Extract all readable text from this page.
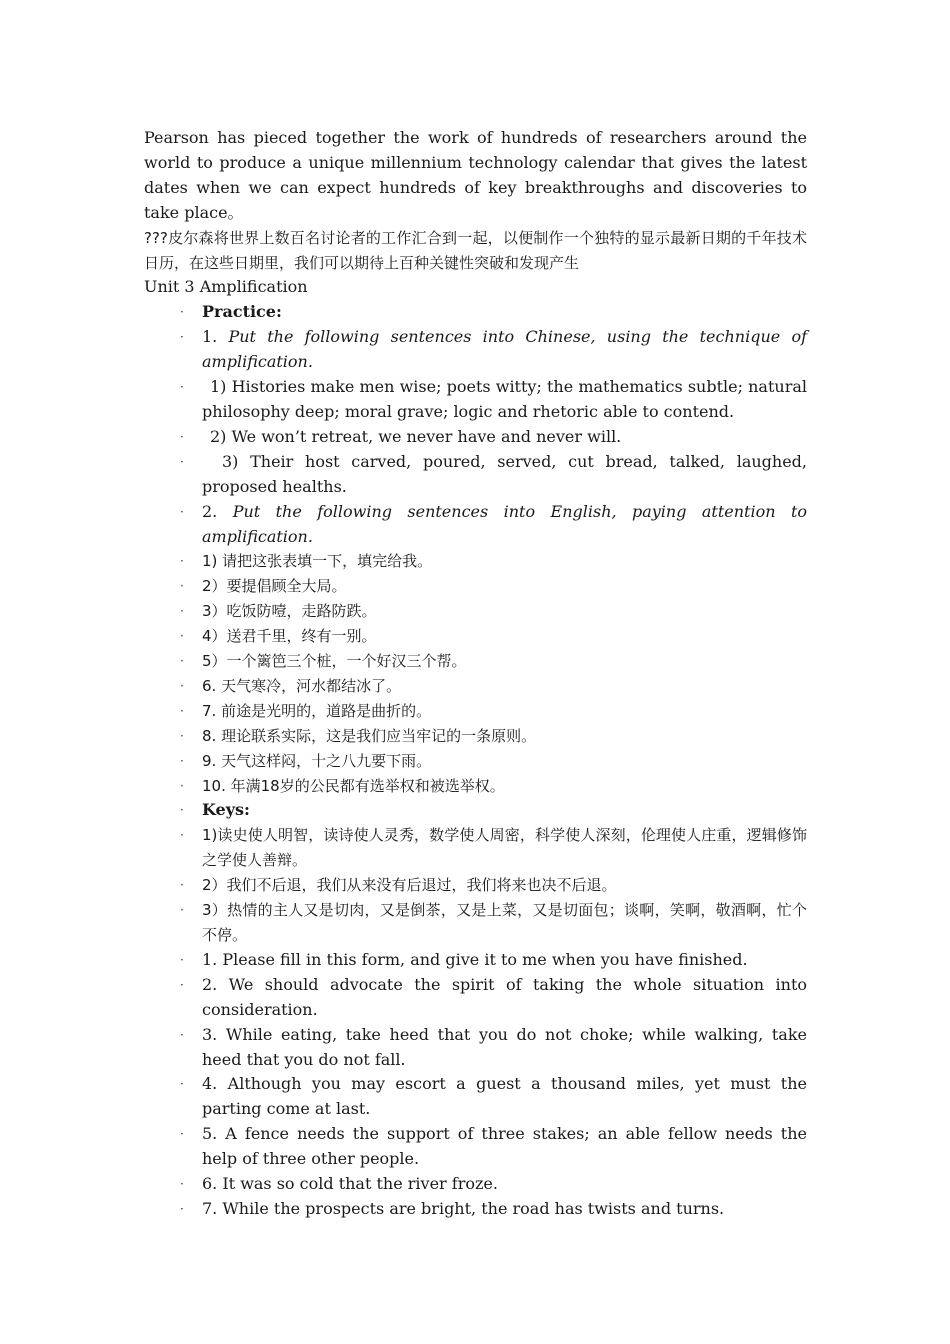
Pearson has pieced together the work of hundreds of researchers around the world to produce a unique millennium technology calendar that gives the latest dates when we can expect hundreds of key breakthroughs and discoveries to take place。

???皮尔森将世界上数百名讨论者的工作汇合到一起，以便制作一个独特的显示最新日期的千年技术日历，在这些日期里，我们可以期待上百种关键性突破和发现产生

Unit 3 Amplification

· Practice:
· 1. Put the following sentences into Chinese, using the technique of amplification.
· 1) Histories make men wise; poets witty; the mathematics subtle; natural philosophy deep; moral grave; logic and rhetoric able to contend.
· 2) We won’t retreat, we never have and never will.
· 3) Their host carved, poured, served, cut bread, talked, laughed, proposed healths.
· 2. Put the following sentences into English, paying attention to amplification.
· 1) 请把这张表填一下，填完给我。
· 2）要提倡顾全大局。
· 3）吃饭防噎，走路防跌。
· 4）送君千里，终有一别。
· 5）一个篱笆三个桩，一个好汉三个帮。
· 6. 天气寒冷，河水都结冰了。
· 7. 前途是光明的，道路是曲折的。
· 8. 理论联系实际，这是我们应当牢记的一条原则。
· 9. 天气这样闷，十之八九要下雨。
· 10. 年满18岁的公民都有选举权和被选举权。
· Keys:
· 1)读史使人明智，读诗使人灵秀，数学使人周密，科学使人深刻，伦理使人庄重，逻辑修饰之学使人善辩。
· 2）我们不后退，我们从来没有后退过，我们将来也决不后退。
· 3）热情的主人又是切肉，又是倒茶，又是上菜，又是切面包；谈啊，笑啊，敬酒啊，忙个不停。
· 1. Please fill in this form, and give it to me when you have finished.
· 2. We should advocate the spirit of taking the whole situation into consideration.
· 3. While eating, take heed that you do not choke; while walking, take heed that you do not fall.
· 4. Although you may escort a guest a thousand miles, yet must the parting come at last.
· 5. A fence needs the support of three stakes; an able fellow needs the help of three other people.
· 6. It was so cold that the river froze.
· 7. While the prospects are bright, the road has twists and turns.
